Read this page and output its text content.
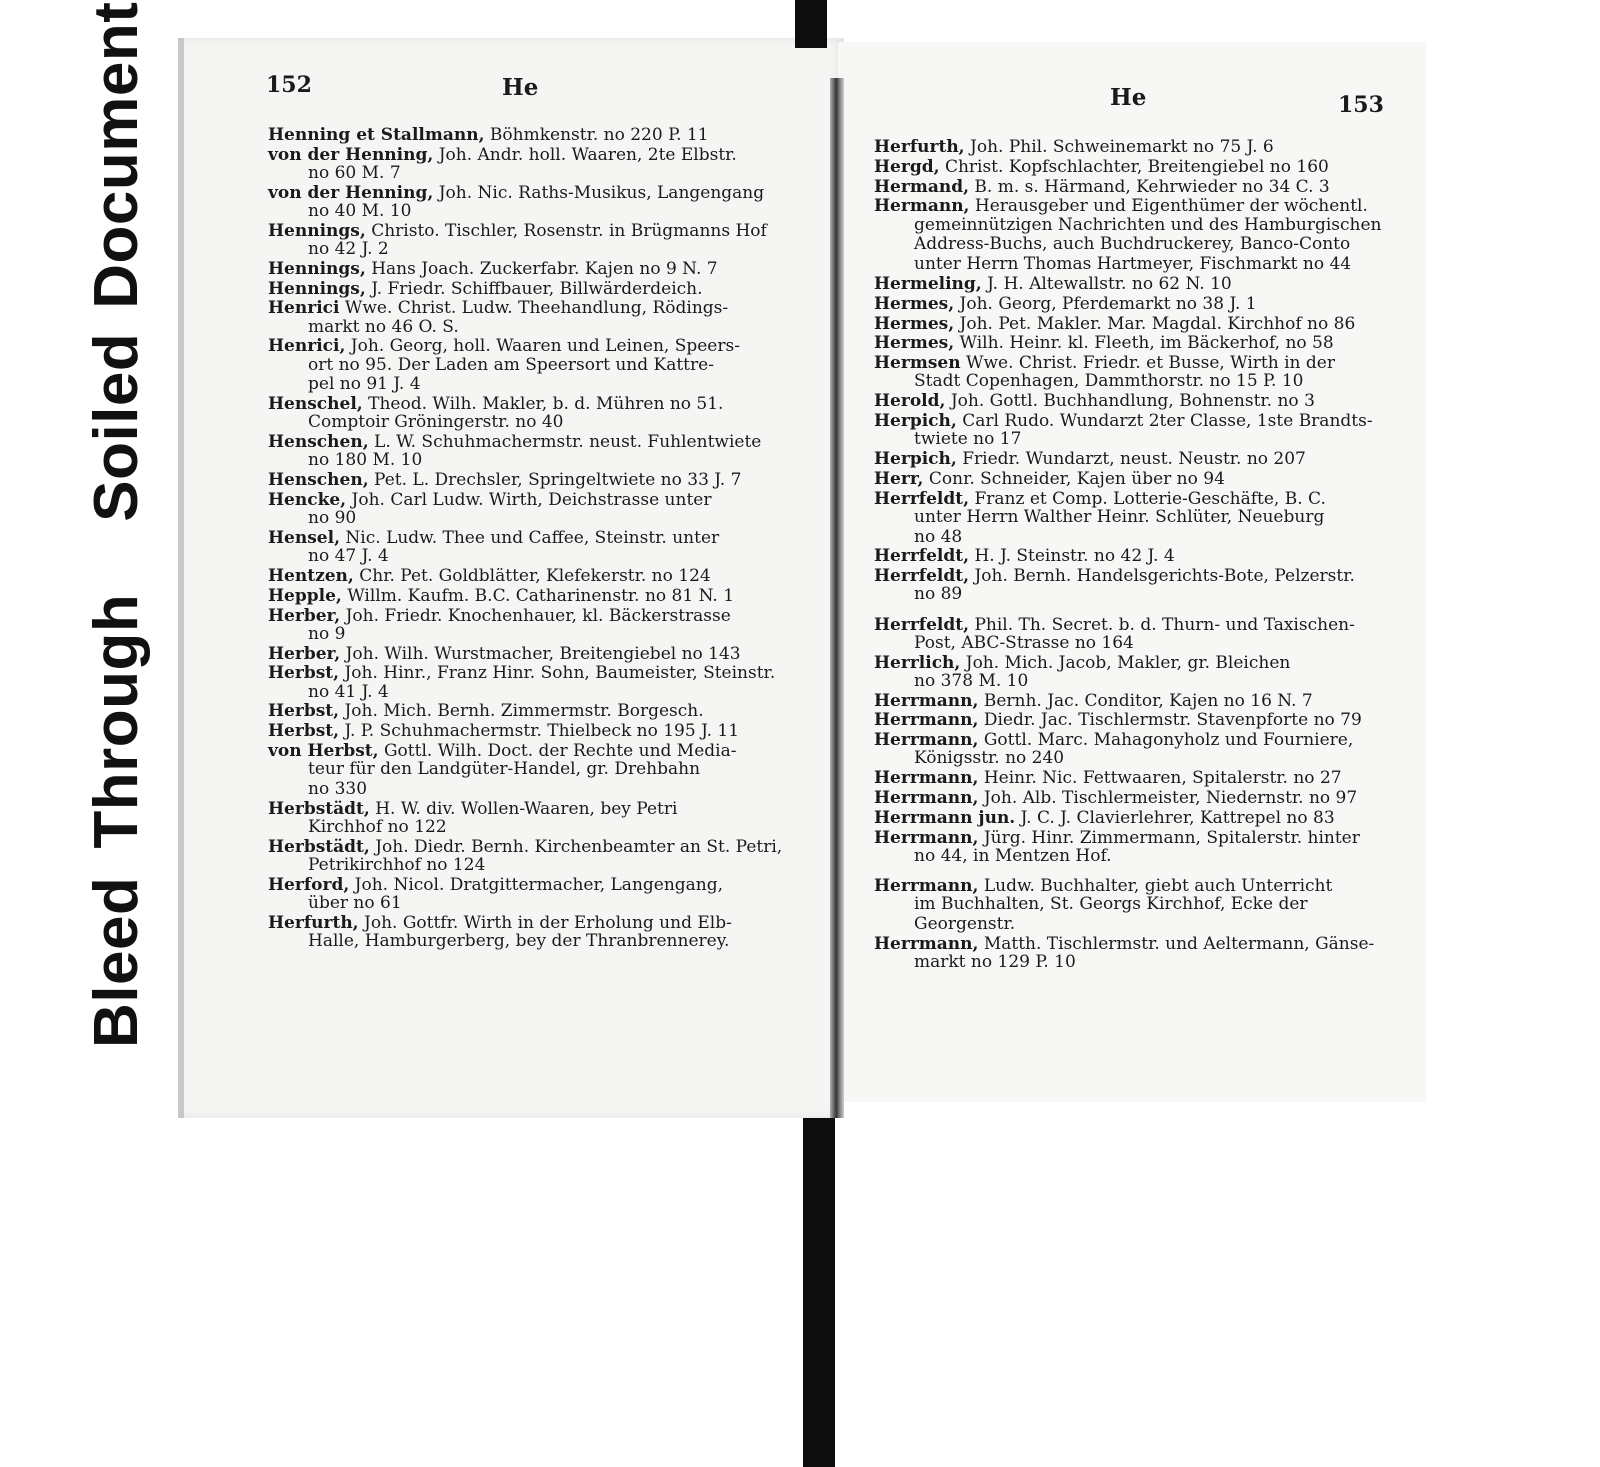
Bleed
Through
Soiled
Document	152	He
Henning et Stallmann, Böhmkenstr. no 220 P. 11
von der Henning, Joh. Andr. holl. Waaren, 2te Elbstr.
no 60 M. 7
von der Henning, Joh. Nic. Raths-Musikus, Langengang
no 40 M. 10
Hennings, Christo. Tischler, Rosenstr. in Brügmanns Hof
no 42 J. 2
Hennings, Hans Joach. Zuckerfabr. Kajen no 9 N. 7
Hennings, J. Friedr. Schiffbauer, Billwärderdeich.
Henrici Wwe. Christ. Ludw. Theehandlung, Rödings-
markt no 46 O. S.
Henrici, Joh. Georg, holl. Waaren und Leinen, Speers-
ort no 95. Der Laden am Speersort und Kattre-
pel no 91 J. 4
Henschel, Theod. Wilh. Makler, b. d. Mühren no 51.
Comptoir Gröningerstr. no 40
Henschen, L. W. Schuhmachermstr. neust. Fuhlentwiete
no 180 M. 10
Henschen, Pet. L. Drechsler, Springeltwiete no 33 J. 7
Hencke, Joh. Carl Ludw. Wirth, Deichstrasse unter
no 90
Hensel, Nic. Ludw. Thee und Caffee, Steinstr. unter
no 47 J. 4
Hentzen, Chr. Pet. Goldblätter, Klefekerstr. no 124
Hepple, Willm. Kaufm. B.C. Catharinenstr. no 81 N. 1
Herber, Joh. Friedr. Knochenhauer, kl. Bäckerstrasse
no 9
Herber, Joh. Wilh. Wurstmacher, Breitengiebel no 143
Herbst, Joh. Hinr., Franz Hinr. Sohn, Baumeister, Steinstr.
no 41 J. 4
Herbst, Joh. Mich. Bernh. Zimmermstr. Borgesch.
Herbst, J. P. Schuhmachermstr. Thielbeck no 195 J. 11
von Herbst, Gottl. Wilh. Doct. der Rechte und Media-
teur für den Landgüter-Handel, gr. Drehbahn
no 330
Herbstädt, H. W. div. Wollen-Waaren, bey Petri
Kirchhof no 122
Herbstädt, Joh. Diedr. Bernh. Kirchenbeamter an St. Petri,
Petrikirchhof no 124
Herford, Joh. Nicol. Dratgittermacher, Langengang,
über no 61
Herfurth, Joh. Gottfr. Wirth in der Erholung und Elb-
Halle, Hamburgerberg, bey der Thranbrennerey.
He	153
Herfurth, Joh. Phil. Schweinemarkt no 75 J. 6
Hergd, Christ. Kopfschlachter, Breitengiebel no 160
Hermand, B. m. s. Härmand, Kehrwieder no 34 C. 3
Hermann, Herausgeber und Eigenthümer der wöchentl.
gemeinnützigen Nachrichten und des Hamburgischen
Address-Buchs, auch Buchdruckerey, Banco-Conto
unter Herrn Thomas Hartmeyer, Fischmarkt no 44
Hermeling, J. H. Altewallstr. no 62 N. 10
Hermes, Joh. Georg, Pferdemarkt no 38 J. 1
Hermes, Joh. Pet. Makler. Mar. Magdal. Kirchhof no 86
Hermes, Wilh. Heinr. kl. Fleeth, im Bäckerhof, no 58
Hermsen Wwe. Christ. Friedr. et Busse, Wirth in der
Stadt Copenhagen, Dammthorstr. no 15 P. 10
Herold, Joh. Gottl. Buchhandlung, Bohnenstr. no 3
Herpich, Carl Rudo. Wundarzt 2ter Classe, 1ste Brandts-
twiete no 17
Herpich, Friedr. Wundarzt, neust. Neustr. no 207
Herr, Conr. Schneider, Kajen über no 94
Herrfeldt, Franz et Comp. Lotterie-Geschäfte, B. C.
unter Herrn Walther Heinr. Schlüter, Neueburg
no 48
Herrfeldt, H. J. Steinstr. no 42 J. 4
Herrfeldt, Joh. Bernh. Handelsgerichts-Bote, Pelzerstr.
no 89
Herrfeldt, Phil. Th. Secret. b. d. Thurn- und Taxischen-
Post, ABC-Strasse no 164
Herrlich, Joh. Mich. Jacob, Makler, gr. Bleichen
no 378 M. 10
Herrmann, Bernh. Jac. Conditor, Kajen no 16 N. 7
Herrmann, Diedr. Jac. Tischlermstr. Stavenpforte no 79
Herrmann, Gottl. Marc. Mahagonyholz und Fourniere,
Königsstr. no 240
Herrmann, Heinr. Nic. Fettwaaren, Spitalerstr. no 27
Herrmann, Joh. Alb. Tischlermeister, Niedernstr. no 97
Herrmann jun. J. C. J. Clavierlehrer, Kattrepel no 83
Herrmann, Jürg. Hinr. Zimmermann, Spitalerstr. hinter
no 44, in Mentzen Hof.
Herrmann, Ludw. Buchhalter, giebt auch Unterricht
im Buchhalten, St. Georgs Kirchhof, Ecke der
Georgenstr.
Herrmann, Matth. Tischlermstr. und Aeltermann, Gänse-
markt no 129 P. 10
